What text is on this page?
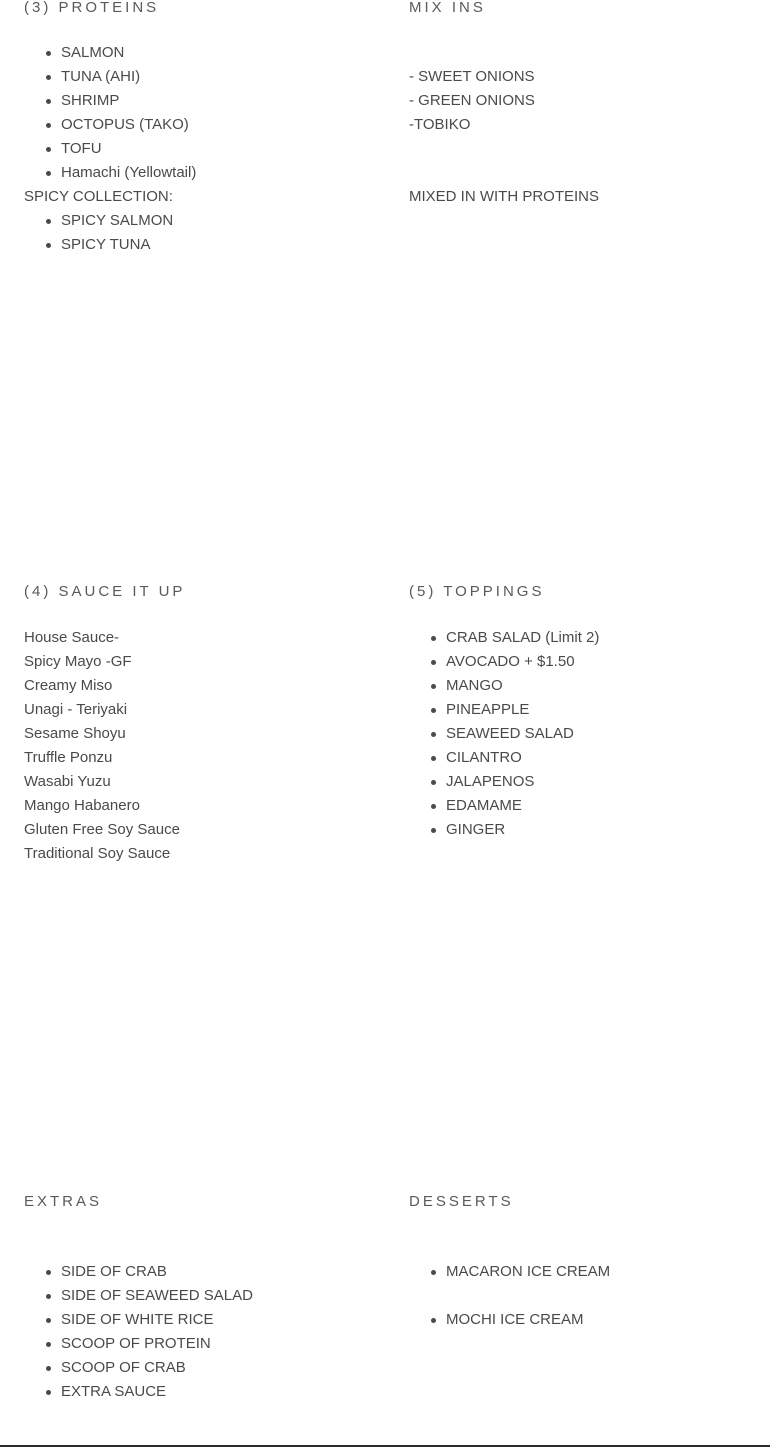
(3) PROTEINS
SALMON
TUNA (AHI)
SHRIMP
OCTOPUS (TAKO)
TOFU
Hamachi (Yellowtail)
SPICY COLLECTION:
SPICY SALMON
SPICY TUNA
MIX INS
- SWEET ONIONS
- GREEN ONIONS
-TOBIKO
MIXED IN WITH PROTEINS
(4) SAUCE IT UP
House Sauce-
Spicy Mayo -GF
Creamy Miso
Unagi - Teriyaki
Sesame Shoyu
Truffle Ponzu
Wasabi Yuzu
Mango Habanero
Gluten Free Soy Sauce
Traditional Soy Sauce
(5) TOPPINGS
CRAB SALAD (Limit 2)
AVOCADO + $1.50
MANGO
PINEAPPLE
SEAWEED SALAD
CILANTRO
JALAPENOS
EDAMAME
GINGER
EXTRAS
SIDE OF CRAB
SIDE OF SEAWEED SALAD
SIDE OF WHITE RICE
SCOOP OF PROTEIN
SCOOP OF CRAB
EXTRA SAUCE
DESSERTS
MACARON ICE CREAM
MOCHI ICE CREAM
